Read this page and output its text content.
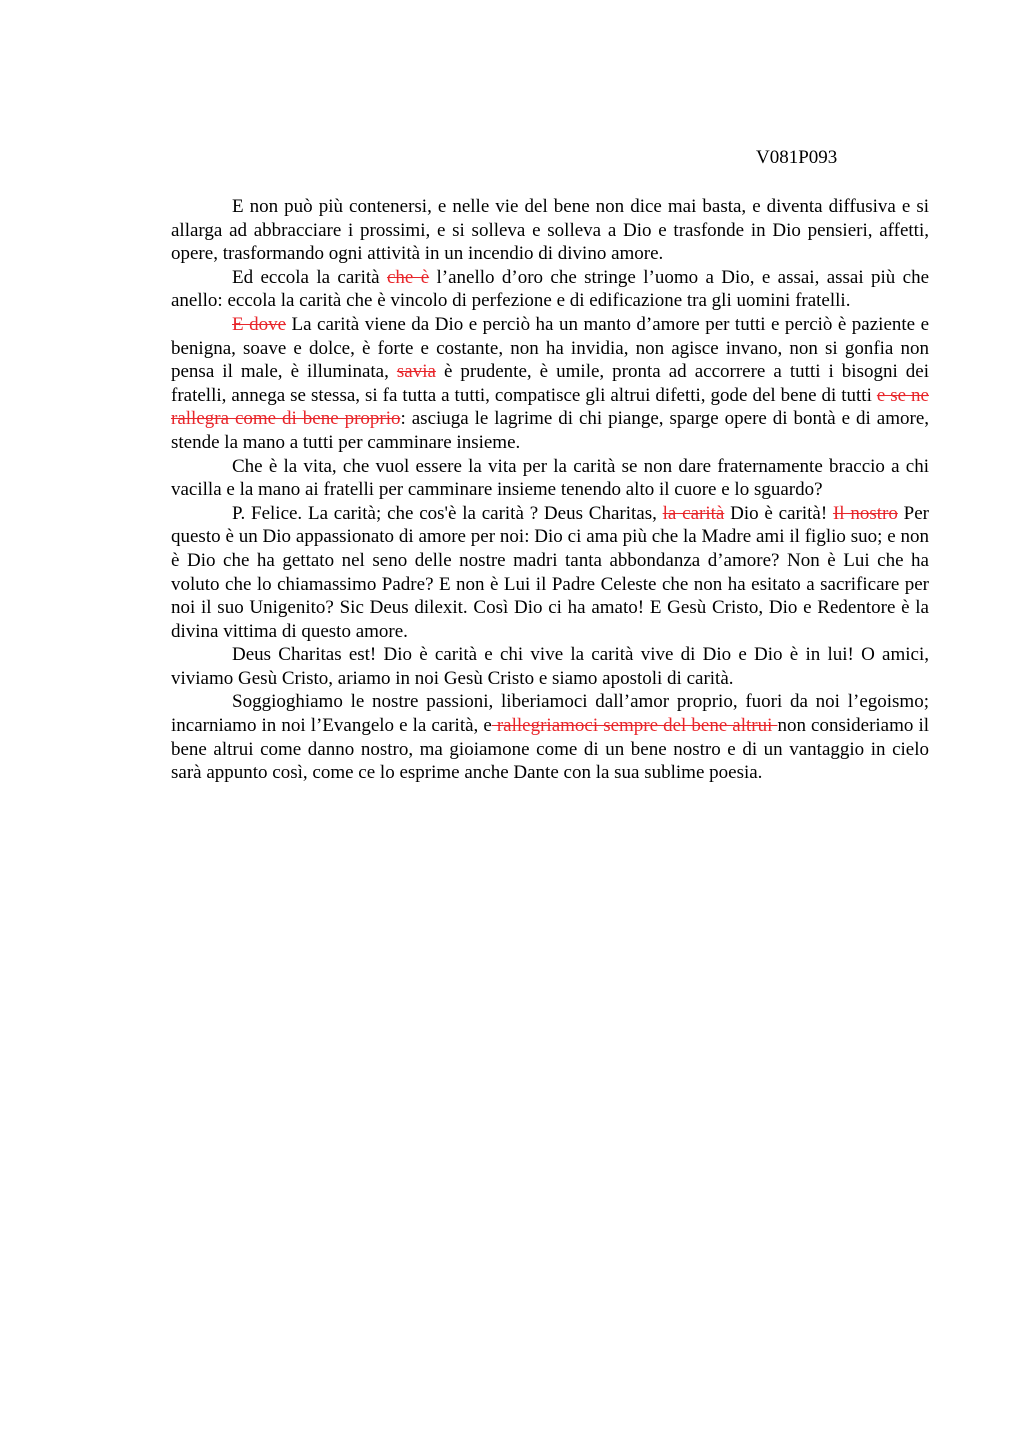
V081P093

E non può più contenersi, e nelle vie del bene non dice mai basta, e diventa diffusiva e si allarga ad abbracciare i prossimi, e si solleva e solleva a Dio e trasfonde in Dio pensieri, affetti, opere, trasformando ogni attività in un incendio di divino amore.

Ed eccola la carità che è l’anello d’oro che stringe l’uomo a Dio, e assai, assai più che anello: eccola la carità che è vincolo di perfezione e di edificazione tra gli uomini fratelli.

E dove La carità viene da Dio e perciò ha un manto d’amore per tutti e perciò è paziente e benigna, soave e dolce, è forte e costante, non ha invidia, non agisce invano, non si gonfia non pensa il male, è illuminata, savia è prudente, è umile, pronta ad accorrere a tutti i bisogni dei fratelli, annega se stessa, si fa tutta a tutti, compatisce gli altrui difetti, gode del bene di tutti e se ne rallegra come di bene proprio: asciuga le lagrime di chi piange, sparge opere di bontà e di amore, stende la mano a tutti per camminare insieme.

Che è la vita, che vuol essere la vita per la carità se non dare fraternamente braccio a chi vacilla e la mano ai fratelli per camminare insieme tenendo alto il cuore e lo sguardo?

P. Felice. La carità; che cos'è la carità ? Deus Charitas, la carità Dio è carità! Il nostro Per questo è un Dio appassionato di amore per noi: Dio ci ama più che la Madre ami il figlio suo; e non è Dio che ha gettato nel seno delle nostre madri tanta abbondanza d’amore? Non è Lui che ha voluto che lo chiamassimo Padre? E non è Lui il Padre Celeste che non ha esitato a sacrificare per noi il suo Unigenito? Sic Deus dilexit. Così Dio ci ha amato! E Gesù Cristo, Dio e Redentore è la divina vittima di questo amore.

Deus Charitas est! Dio è carità e chi vive la carità vive di Dio e Dio è in lui! O amici, viviamo Gesù Cristo, ariamo in noi Gesù Cristo e siamo apostoli di carità.

Soggioghiamo le nostre passioni, liberiamoci dall’amor proprio, fuori da noi l’egoismo; incarniamo in noi l’Evangelo e la carità, e rallegriamoci sempre del bene altrui non consideriamo il bene altrui come danno nostro, ma gioiamone come di un bene nostro e di un vantaggio in cielo sarà appunto così, come ce lo esprime anche Dante con la sua sublime poesia.
